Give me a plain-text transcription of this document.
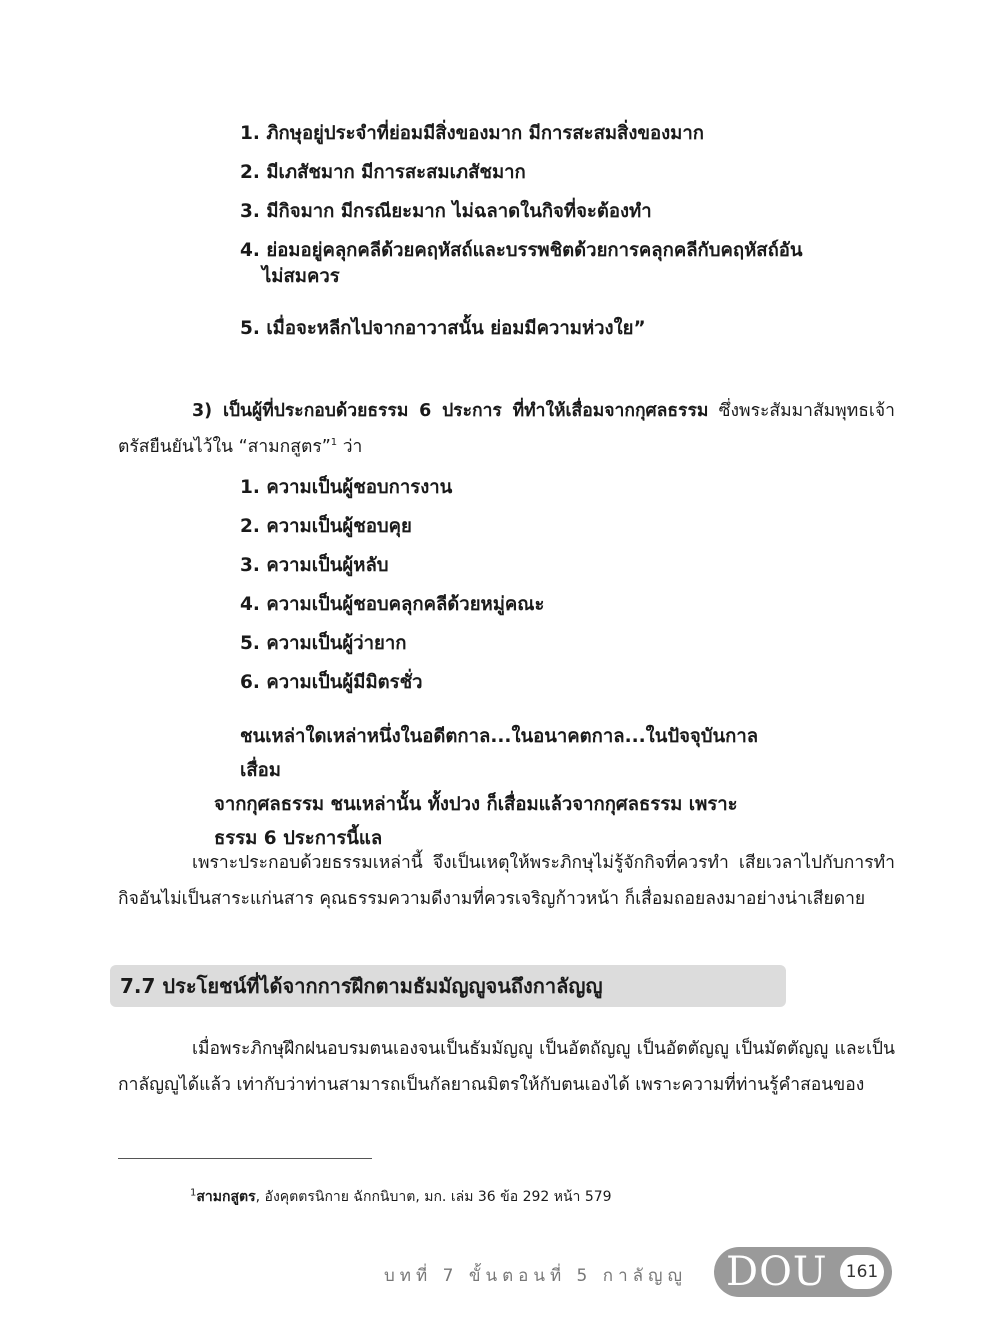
1. ภิกษุอยู่ประจำที่ย่อมมีสิ่งของมาก มีการสะสมสิ่งของมาก
2. มีเภสัชมาก มีการสะสมเภสัชมาก
3. มีกิจมาก มีกรณียะมาก ไม่ฉลาดในกิจที่จะต้องทำ
4. ย่อมอยู่คลุกคลีด้วยคฤหัสถ์และบรรพชิตด้วยการคลุกคลีกับคฤหัสถ์อัน
ไม่สมควร
5. เมื่อจะหลีกไปจากอาวาสนั้น ย่อมมีความห่วงใย”

3) เป็นผู้ที่ประกอบด้วยธรรม 6 ประการ ที่ทำให้เสื่อมจากกุศลธรรม ซึ่งพระสัมมาสัมพุทธเจ้าตรัสยืนยันไว้ใน “สามกสูตร”$^1$ ว่า

1. ความเป็นผู้ชอบการงาน
2. ความเป็นผู้ชอบคุย
3. ความเป็นผู้หลับ
4. ความเป็นผู้ชอบคลุกคลีด้วยหมู่คณะ
5. ความเป็นผู้ว่ายาก
6. ความเป็นผู้มีมิตรชั่ว
ชนเหล่าใดเหล่าหนึ่งในอดีตกาล...ในอนาคตกาล...ในปัจจุบันกาล เสื่อม
จากกุศลธรรม ชนเหล่านั้น ทั้งปวง ก็เสื่อมแล้วจากกุศลธรรม เพราะ
ธรรม 6 ประการนี้แล

เพราะประกอบด้วยธรรมเหล่านี้ จึงเป็นเหตุให้พระภิกษุไม่รู้จักกิจที่ควรทำ เสียเวลาไปกับการทำกิจอันไม่เป็นสาระแก่นสาร คุณธรรมความดีงามที่ควรเจริญก้าวหน้า ก็เสื่อมถอยลงมาอย่างน่าเสียดาย

7.7 ประโยชน์ที่ได้จากการฝึกตามธัมมัญญูจนถึงกาลัญญู

เมื่อพระภิกษุฝึกฝนอบรมตนเองจนเป็นธัมมัญญู เป็นอัตถัญญู เป็นอัตตัญญู เป็นมัตตัญญู และเป็นกาลัญญูได้แล้ว เท่ากับว่าท่านสามารถเป็นกัลยาณมิตรให้กับตนเองได้ เพราะความที่ท่านรู้คำสอนของ

$^1$สามกสูตร, อังคุตตรนิกาย ฉักกนิบาต, มก. เล่ม 36 ข้อ 292 หน้า 579
บทที่ 7 ขั้นตอนที่ 5 กาลัญญู DOU	161
